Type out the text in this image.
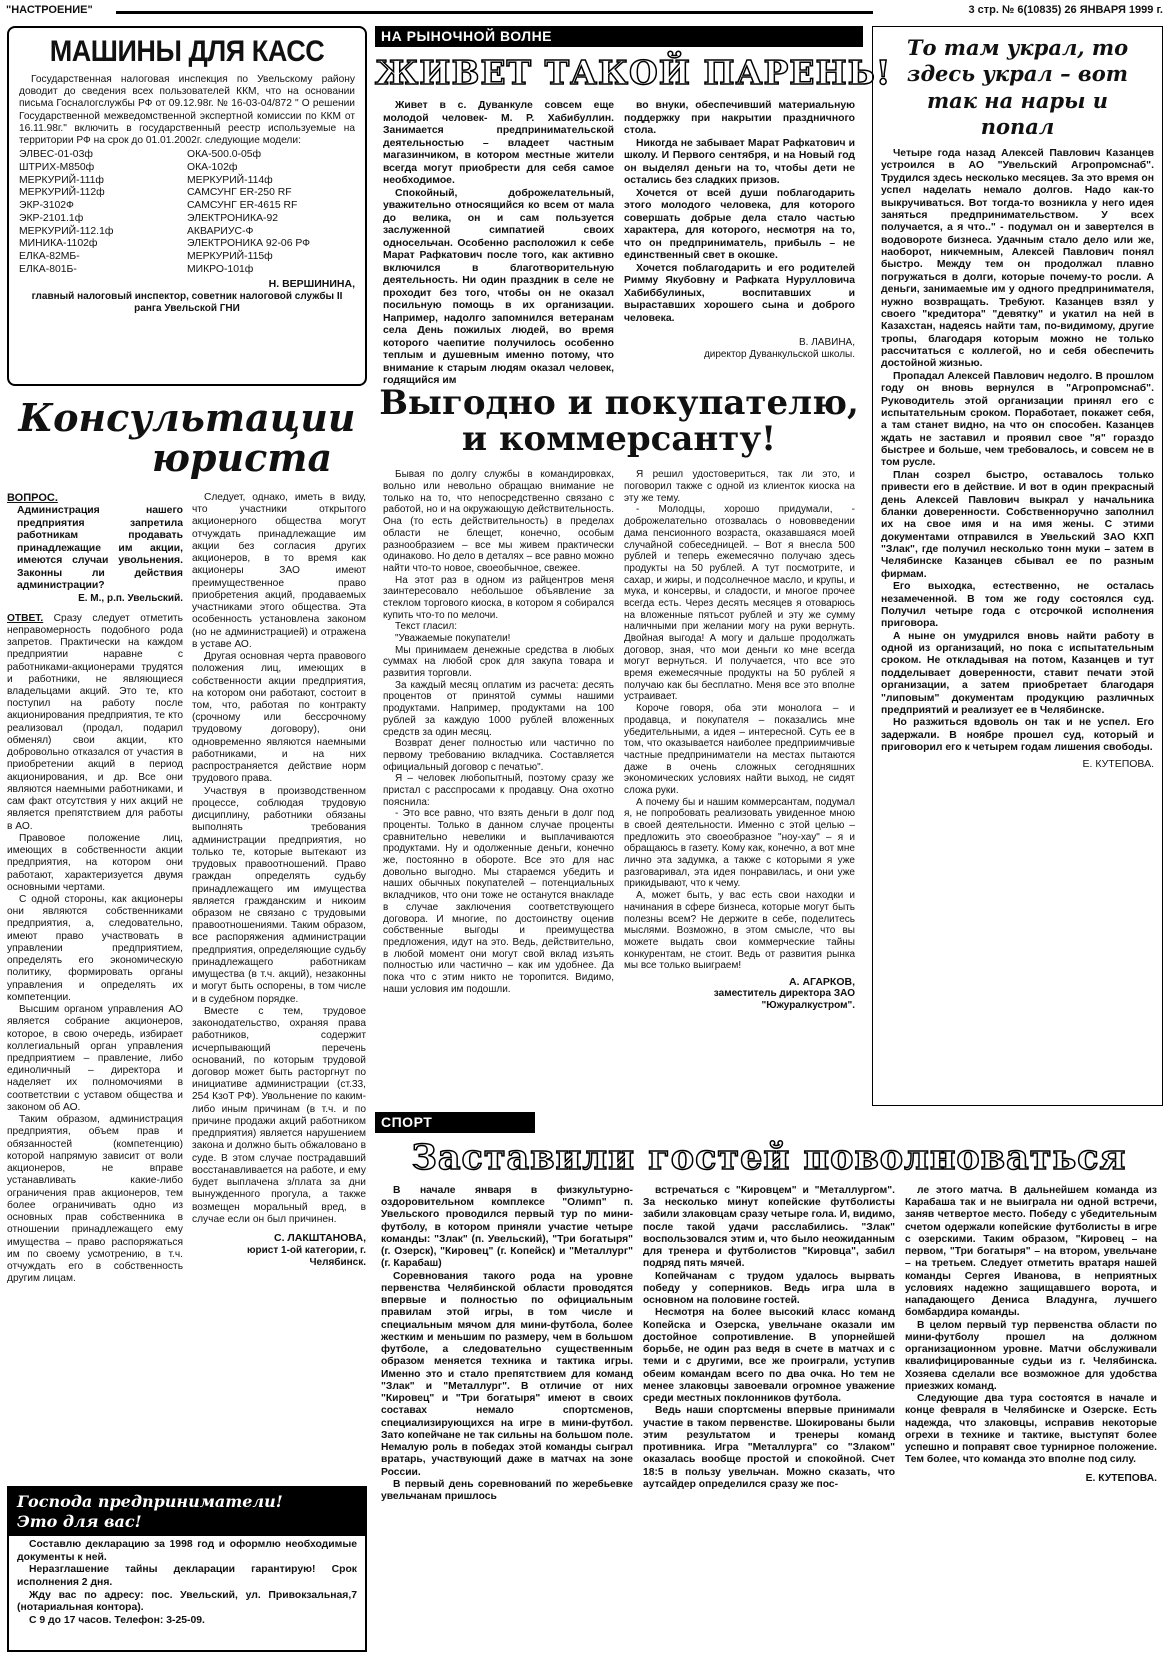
"НАСТРОЕНИЕ"	3 стр. № 6(10835) 26 ЯНВАРЯ 1999 г.
МАШИНЫ ДЛЯ КАСС

Государственная налоговая инспекция по Увельскому району доводит до сведения всех пользователей ККМ, что на основании письма Госналогслужбы РФ от 09.12.98г. № 16-03-04/872 " О решении Государственной межведомственной экспертной комиссии по ККМ от 16.11.98г." включить в государственный реестр используемые на территории РФ на срок до 01.01.2002г. следующие модели:

ЭЛВЕС-01-03ф
ШТРИХ-М850ф
МЕРКУРИЙ-111ф
МЕРКУРИЙ-112ф
ЭКР-3102Ф
ЭКР-2101.1ф
МЕРКУРИЙ-112.1ф
МИНИКА-1102ф
ЕЛКА-82МБ-
ЕЛКА-801Б-
ОКА-500.0-05ф
ОКА-102ф
МЕРКУРИЙ-114ф
САМСУНГ ER-250 RF
САМСУНГ ER-4615 RF
ЭЛЕКТРОНИКА-92
АКВАРИУС-Ф
ЭЛЕКТРОНИКА 92-06 РФ
МЕРКУРИЙ-115ф
МИКРО-101ф
Н. ВЕРШИНИНА,
главный налоговый инспектор, советник налоговой службы II ранга Увельской ГНИ
Консультации
юриста
ВОПРОС.
Администрация нашего предприятия запретила работникам продавать принадлежащие им акции, имеются случаи увольнения. Законны ли действия администрации?
Е. М., р.п. Увельский.

ОТВЕТ. Сразу следует отметить неправомерность подобного рода запретов. Практически на каждом предприятии наравне с работниками-акционерами трудятся и работники, не являющиеся владельцами акций. Это те, кто поступил на работу после акционирования предприятия, те кто реализовал (продал, подарил обменял) свои акции, кто добровольно отказался от участия в приобретении акций в период акционирования, и др. Все они являются наемными работниками, и сам факт отсутствия у них акций не является препятствием для работы в АО.

Правовое положение лиц, имеющих в собственности акции предприятия, на котором они работают, характеризуется двумя основными чертами.

С одной стороны, как акционеры они являются собственниками предприятия, а, следовательно, имеют право участвовать в управлении предприятием, определять его экономическую политику, формировать органы управления и определять их компетенции.

Высшим органом управления АО является собрание акционеров, которое, в свою очередь, избирает коллегиальный орган управления предприятием – правление, либо единоличный – директора и наделяет их полномочиями в соответствии с уставом общества и законом об АО.

Таким образом, администрация предприятия, объем прав и обязанностей (компетенцию) которой напрямую зависит от воли акционеров, не вправе устанавливать какие-либо ограничения прав акционеров, тем более ограничивать одно из основных прав собственника в отношении принадлежащего ему имущества – право распоряжаться им по своему усмотрению, в т.ч. отчуждать его в собственность другим лицам.

Следует, однако, иметь в виду, что участники открытого акционерного общества могут отчуждать принадлежащие им акции без согласия других акционеров, в то время как акционеры ЗАО имеют преимущественное право приобретения акций, продаваемых участниками этого общества. Эта особенность установлена законом (но не администрацией) и отражена в уставе АО.

Другая основная черта правового положения лиц, имеющих в собственности акции предприятия, на котором они работают, состоит в том, что, работая по контракту (срочному или бессрочному трудовому договору), они одновременно являются наемными работниками, и на них распространяется действие норм трудового права.

Участвуя в производственном процессе, соблюдая трудовую дисциплину, работники обязаны выполнять требования администрации предприятия, но только те, которые вытекают из трудовых правоотношений. Право граждан определять судьбу принадлежащего им имущества является гражданским и никоим образом не связано с трудовыми правоотношениями. Таким образом, все распоряжения администрации предприятия, определяющие судьбу принадлежащего работникам имущества (в т.ч. акций), незаконны и могут быть оспорены, в том числе и в судебном порядке.

Вместе с тем, трудовое законодательство, охраняя права работников, содержит исчерпывающий перечень оснований, по которым трудовой договор может быть расторгнут по инициативе администрации (ст.33, 254 КзоТ РФ). Увольнение по каким-либо иным причинам (в т.ч. и по причине продажи акций работником предприятия) является нарушением закона и должно быть обжаловано в суде. В этом случае пострадавший восстанавливается на работе, и ему будет выплачена з/плата за дни вынужденного прогула, а также возмещен моральный вред, в случае если он был причинен.

С. ЛАКШТАНОВА,
юрист 1-ой категории, г. Челябинск.
Господа предприниматели!
Это для вас!

Составлю декларацию за 1998 год и оформлю необходимые документы к ней.

Неразглашение тайны декларации гарантирую! Срок исполнения 2 дня.

Жду вас по адресу: пос. Увельский, ул. Привокзальная,7 (нотариальная контора).

С 9 до 17 часов. Телефон: 3-25-09.

НА РЫНОЧНОЙ ВОЛНЕ
ЖИВЕТ ТАКОЙ ПАРЕНЬ!

Живет в с. Дуванкуле совсем еще молодой человек- М. Р. Хабибуллин. Занимается предпринимательской деятельностью – владеет частным магазинчиком, в котором местные жители всегда могут приобрести для себя самое необходимое.

Спокойный, доброжелательный, уважительно относящийся ко всем от мала до велика, он и сам пользуется заслуженной симпатией своих односельчан. Особенно расположил к себе Марат Рафкатович после того, как активно включился в благотворительную деятельность. Ни один праздник в селе не проходит без того, чтобы он не оказал посильную помощь в их организации. Например, надолго запомнился ветеранам села День пожилых людей, во время которого чаепитие получилось особенно теплым и душевным именно потому, что внимание к старым людям оказал человек, годящийся им

во внуки, обеспечивший материальную поддержку при накрытии праздничного стола.

Никогда не забывает Марат Рафкатович и школу. И Первого сентября, и на Новый год он выделял деньги на то, чтобы дети не остались без сладких призов.

Хочется от всей души поблагодарить этого молодого человека, для которого совершать добрые дела стало частью характера, для которого, несмотря на то, что он предприниматель, прибыль – не единственный свет в окошке.

Хочется поблагодарить и его родителей Римму Якубовну и Рафката Нурулловича Хабиббулиных, воспитавших и выраставших хорошего сына и доброго человека.

В. ЛАВИНА,
директор Дуванкульской школы.
Выгодно и покупателю,
и коммерсанту!

Бывая по долгу службы в командировках, вольно или невольно обращаю внимание не только на то, что непосредственно связано с работой, но и на окружающую действительность. Она (то есть действительность) в пределах области не блещет, конечно, особым разнообразием – все мы живем практически одинаково. Но дело в деталях – все равно можно найти что-то новое, своеобычное, свежее.

На этот раз в одном из райцентров меня заинтересовало небольшое объявление за стеклом торгового киоска, в котором я собирался купить что-то по мелочи.

Текст гласил:

"Уважаемые покупатели!

Мы принимаем денежные средства в любых суммах на любой срок для закупа товара и развития торговли.

За каждый месяц оплатим из расчета: десять процентов от принятой суммы нашими продуктами. Например, продуктами на 100 рублей за каждую 1000 рублей вложенных средств за один месяц.

Возврат денег полностью или частично по первому требованию вкладчика. Составляется официальный договор с печатью".

Я – человек любопытный, поэтому сразу же пристал с расспросами к продавцу. Она охотно пояснила:

- Это все равно, что взять деньги в долг под проценты. Только в данном случае проценты сравнительно невелики и выплачиваются продуктами. Ну и одолженные деньги, конечно же, постоянно в обороте. Все это для нас довольно выгодно. Мы стараемся убедить и наших обычных покупателей – потенциальных вкладчиков, что они тоже не останутся внакладе в случае заключения соответствующего договора. И многие, по достоинству оценив собственные выгоды и преимущества предложения, идут на это. Ведь, действительно, в любой момент они могут свой вклад изъять полностью или частично – как им удобнее. Да пока что с этим никто не торопится. Видимо, наши условия им подошли.

Я решил удостовериться, так ли это, и поговорил также с одной из клиенток киоска на эту же тему.

- Молодцы, хорошо придумали, - доброжелательно отозвалась о нововведении дама пенсионного возраста, оказавшаяся моей случайной собеседницей. – Вот я внесла 500 рублей и теперь ежемесячно получаю здесь продукты на 50 рублей. А тут посмотрите, и сахар, и жиры, и подсолнечное масло, и крупы, и мука, и консервы, и сладости, и многое прочее всегда есть. Через десять месяцев я отоварюсь на вложенные пятьсот рублей и эту же сумму наличными при желании могу на руки вернуть. Двойная выгода! А могу и дальше продолжать договор, зная, что мои деньги ко мне всегда могут вернуться. И получается, что все это время ежемесячные продукты на 50 рублей я получаю как бы бесплатно. Меня все это вполне устраивает.

Короче говоря, оба эти монолога – и продавца, и покупателя – показались мне убедительными, а идея – интересной. Суть ее в том, что оказывается наиболее предприимчивые частные предприниматели на местах пытаются даже в очень сложных сегодняшних экономических условиях найти выход, не сидят сложа руки.

А почему бы и нашим коммерсантам, подумал я, не попробовать реализовать увиденное мною в своей деятельности. Именно с этой целью – предложить это своеобразное "ноу-хау" – я и обращаюсь в газету. Кому как, конечно, а вот мне лично эта задумка, а также с которыми я уже разговаривал, эта идея понравилась, и они уже прикидывают, что к чему.

А, может быть, у вас есть свои находки и начинания в сфере бизнеса, которые могут быть полезны всем? Не держите в себе, поделитесь мыслями. Возможно, в этом смысле, что вы можете выдать свои коммерческие тайны конкурентам, не стоит. Ведь от развития рынка мы все только выиграем!

А. АГАРКОВ,
заместитель директора ЗАО "Южуралкустром".
То там украл, то здесь украл – вот так на нары и попал

Четыре года назад Алексей Павлович Казанцев устроился в АО "Увельский Агропромснаб". Трудился здесь несколько месяцев. За это время он успел наделать немало долгов. Надо как-то выкручиваться. Вот тогда-то возникла у него идея заняться предпринимательством. У всех получается, а я что.." - подумал он и завертелся в водовороте бизнеса. Удачным стало дело или же, наоборот, никчемным, Алексей Павлович понял быстро. Между тем он продолжал плавно погружаться в долги, которые почему-то росли. А деньги, занимаемые им у одного предпринимателя, нужно возвращать. Требуют. Казанцев взял у своего "кредитора" "девятку" и укатил на ней в Казахстан, надеясь найти там, по-видимому, другие тропы, благодаря которым можно не только рассчитаться с коллегой, но и себя обеспечить достойной жизнью.

Пропадал Алексей Павлович недолго. В прошлом году он вновь вернулся в "Агропромснаб". Руководитель этой организации принял его с испытательным сроком. Поработает, покажет себя, а там станет видно, на что он способен. Казанцев ждать не заставил и проявил свое "я" гораздо быстрее и больше, чем требовалось, и совсем не в том русле.

План созрел быстро, оставалось только привести его в действие. И вот в один прекрасный день Алексей Павлович выкрал у начальника бланки доверенности. Собственноручно заполнил их на свое имя и на имя жены. С этими документами отправился в Увельский ЗАО КХП "Злак", где получил несколько тонн муки – затем в Челябинске Казанцев сбывал ее по разным фирмам.

Его выходка, естественно, не осталась незамеченной. В том же году состоялся суд. Получил четыре года с отсрочкой исполнения приговора.

А ныне он умудрился вновь найти работу в одной из организаций, но пока с испытательным сроком. Не откладывая на потом, Казанцев и тут подделывает доверенности, ставит печати этой организации, а затем приобретает благодаря "липовым" документам продукцию различных предприятий и реализует ее в Челябинске.

Но разжиться вдоволь он так и не успел. Его задержали. В ноябре прошел суд, который и приговорил его к четырем годам лишения свободы.

Е. КУТЕПОВА.
СПОРТ
Заставили гостей поволноваться

В начале января в физкультурно-оздоровительном комплексе "Олимп" п. Увельского проводился первый тур по мини-футболу, в котором приняли участие четыре команды: "Злак" (п. Увельский), "Три богатыря" (г. Озерск), "Кировец" (г. Копейск) и "Металлург" (г. Карабаш)

Соревнования такого рода на уровне первенства Челябинской области проводятся впервые и полностью по официальным правилам этой игры, в том числе и специальным мячом для мини-футбола, более жестким и меньшим по размеру, чем в большом футболе, а следовательно существенным образом меняется техника и тактика игры. Именно это и стало препятствием для команд "Злак" и "Металлург". В отличие от них "Кировец" и "Три богатыря" имеют в своих составах немало спортсменов, специализирующихся на игре в мини-футбол. Зато копейчане не так сильны на большом поле. Немалую роль в победах этой команды сыграл вратарь, участвующий даже в матчах на зоне России.

В первый день соревнований по жеребьевке увельчанам пришлось

встречаться с "Кировцем" и "Металлургом". За несколько минут копейские футболисты забили злаковцам сразу четыре гола. И, видимо, после такой удачи расслабились. "Злак" воспользовался этим и, что было неожиданным для тренера и футболистов "Кировца", забил подряд пять мячей.

Копейчанам с трудом удалось вырвать победу у соперников. Ведь игра шла в основном на половине гостей.

Несмотря на более высокий класс команд Копейска и Озерска, увельчане оказали им достойное сопротивление. В упорнейшей борьбе, не один раз ведя в счете в матчах и с теми и с другими, все же проиграли, уступив обеим командам всего по два очка. Но тем не менее злаковцы завоевали огромное уважение среди местных поклонников футбола.

Ведь наши спортсмены впервые принимали участие в таком первенстве. Шокированы были этим результатом и тренеры команд противника. Игра "Металлурга" со "Злаком" оказалась вообще простой и спокойной. Счет 18:5 в пользу увельчан. Можно сказать, что аутсайдер определился сразу же пос-

ле этого матча. В дальнейшем команда из Карабаша так и не выиграла ни одной встречи, заняв четвертое место. Победу с убедительным счетом одержали копейские футболисты в игре с озерскими. Таким образом, "Кировец – на первом, "Три богатыря" – на втором, увельчане – на третьем. Следует отметить вратаря нашей команды Сергея Иванова, в неприятных условиях надежно защищавшего ворота, и нападающего Дениса Владунга, лучшего бомбардира команды.

В целом первый тур первенства области по мини-футболу прошел на должном организационном уровне. Матчи обслуживали квалифицированные судьи из г. Челябинска. Хозяева сделали все возможное для удобства приезжих команд.

Следующие два тура состоятся в начале и конце февраля в Челябинске и Озерске. Есть надежда, что злаковцы, исправив некоторые огрехи в технике и тактике, выступят более успешно и поправят свое турнирное положение. Тем более, что команда это вполне под силу.

Е. КУТЕПОВА.
